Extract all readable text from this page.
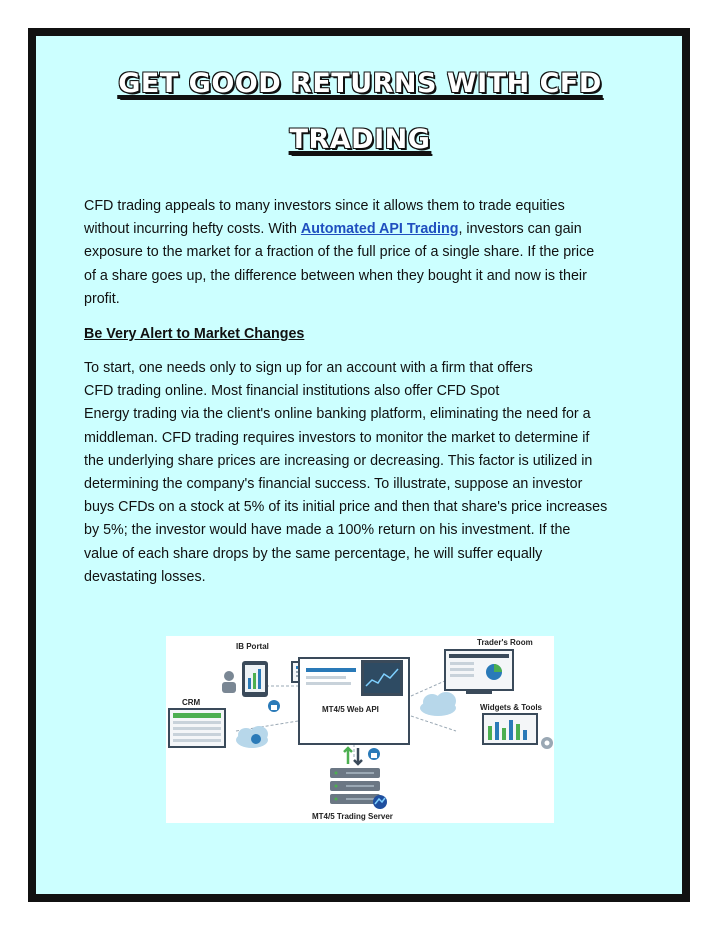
GET GOOD RETURNS WITH CFD
TRADING
CFD trading appeals to many investors since it allows them to trade equities
without incurring hefty costs. With Automated API Trading, investors can gain
exposure to the market for a fraction of the full price of a single share. If the price
of a share goes up, the difference between when they bought it and now is their
profit.
Be Very Alert to Market Changes
To start, one needs only to sign up for an account with a firm that offers
CFD trading online. Most financial institutions also offer CFD Spot
Energy trading via the client's online banking platform, eliminating the need for a
middleman. CFD trading requires investors to monitor the market to determine if
the underlying share prices are increasing or decreasing. This factor is utilized in
determining the company's financial success. To illustrate, suppose an investor
buys CFDs on a stock at 5% of its initial price and then that share's price increases
by 5%; the investor would have made a 100% return on his investment. If the
value of each share drops by the same percentage, he will suffer equally
devastating losses.
IB Portal	Trader's Room
CRM
MT4/5 Web API	Widgets & Tools
MT4/5 Trading Server
